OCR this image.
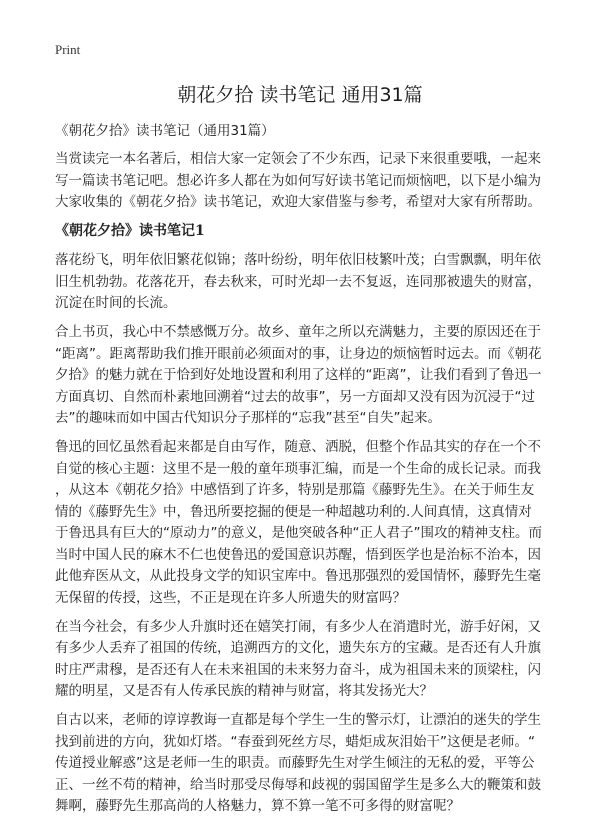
Print
朝花夕拾 读书笔记 通用31篇
《朝花夕拾》读书笔记（通用31篇）
当赏读完一本名著后，相信大家一定领会了不少东西，记录下来很重要哦，一起来
写一篇读书笔记吧。想必许多人都在为如何写好读书笔记而烦恼吧，以下是小编为
大家收集的《朝花夕拾》读书笔记，欢迎大家借鉴与参考，希望对大家有所帮助。
《朝花夕拾》读书笔记1
落花纷飞，明年依旧繁花似锦；落叶纷纷，明年依旧枝繁叶茂；白雪飘飘，明年依
旧生机勃勃。花落花开，春去秋来，可时光却一去不复返，连同那被遗失的财富，
沉淀在时间的长流。
合上书页，我心中不禁感慨万分。故乡、童年之所以充满魅力，主要的原因还在于
“距离”。距离帮助我们推开眼前必须面对的事，让身边的烦恼暂时远去。而《朝花
夕拾》的魅力就在于恰到好处地设置和利用了这样的“距离”，让我们看到了鲁迅一
方面真切、自然而朴素地回溯着“过去的故事”，另一方面却又没有因为沉浸于“过
去”的趣味而如中国古代知识分子那样的“忘我”甚至“自失”起来。
鲁迅的回忆虽然看起来都是自由写作，随意、洒脱，但整个作品其实的存在一个不
自觉的核心主题：这里不是一般的童年琐事汇编，而是一个生命的成长记录。而我
，从这本《朝花夕拾》中感悟到了许多，特别是那篇《藤野先生》。在关于师生友
情的《藤野先生》中，鲁迅所要挖掘的便是一种超越功利的.人间真情，这真情对
于鲁迅具有巨大的“原动力”的意义，是他突破各种“正人君子”围攻的精神支柱。而
当时中国人民的麻木不仁也使鲁迅的爱国意识苏醒，悟到医学也是治标不治本，因
此他弃医从文，从此投身文学的知识宝库中。鲁迅那强烈的爱国情怀，藤野先生毫
无保留的传授，这些，不正是现在许多人所遗失的财富吗？
在当今社会，有多少人升旗时还在嬉笑打闹，有多少人在消遣时光，游手好闲，又
有多少人丢弃了祖国的传统，追溯西方的文化，遗失东方的宝藏。是否还有人升旗
时庄严肃穆，是否还有人在未来祖国的未来努力奋斗，成为祖国未来的顶梁柱，闪
耀的明星，又是否有人传承民族的精神与财富，将其发扬光大？
自古以来，老师的谆谆教诲一直都是每个学生一生的警示灯，让漂泊的迷失的学生
找到前进的方向，犹如灯塔。“春蚕到死丝方尽，蜡炬成灰泪始干”这便是老师。“
传道授业解惑”这是老师一生的职责。而藤野先生对学生倾注的无私的爱，平等公
正、一丝不苟的精神，给当时那受尽侮辱和歧视的弱国留学生是多么大的鞭策和鼓
舞啊，藤野先生那高尚的人格魅力，算不算一笔不可多得的财富呢？
